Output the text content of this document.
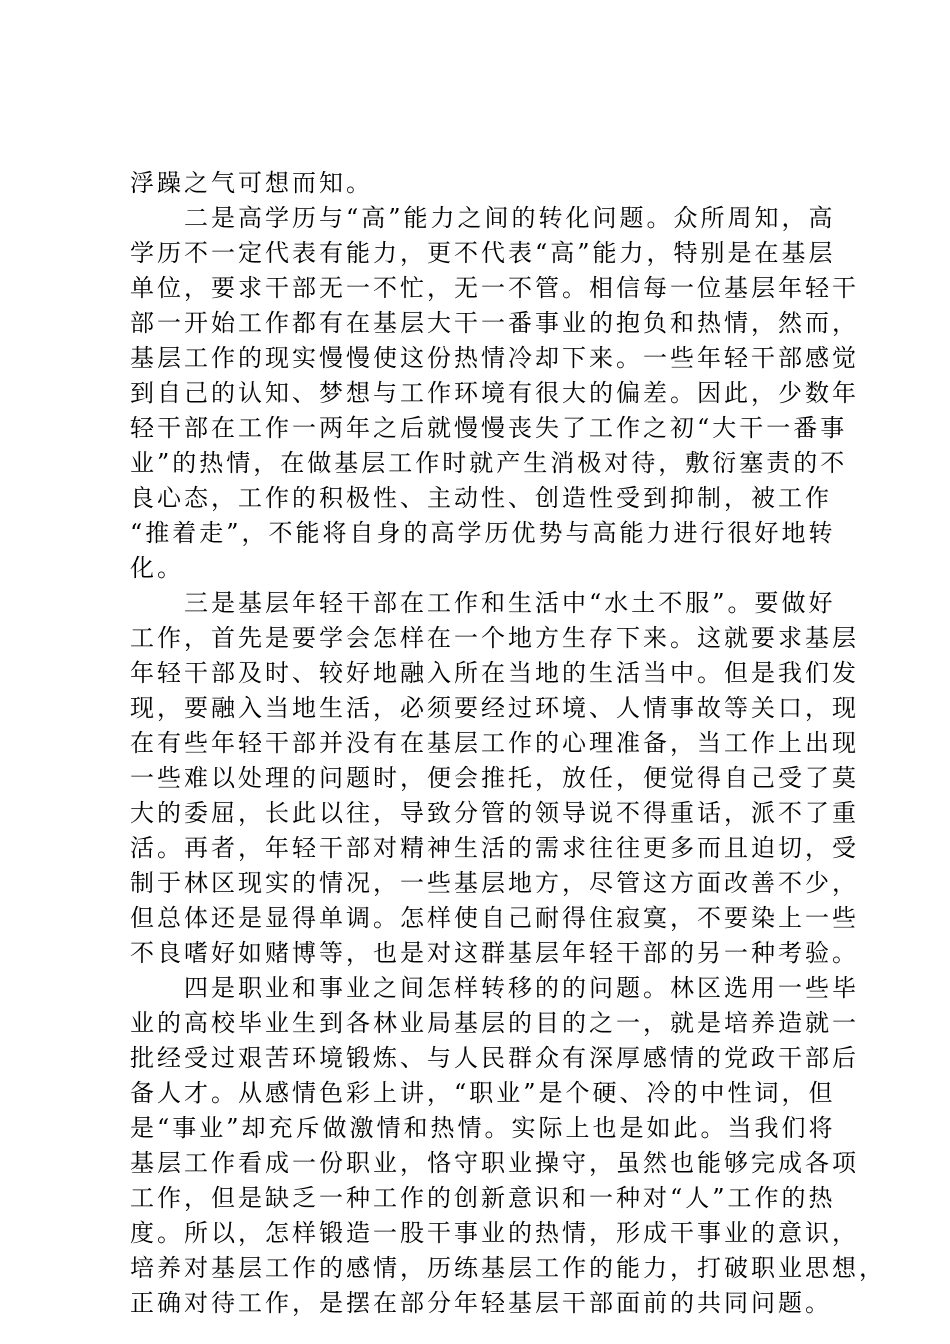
浮躁之气可想而知。
二是高学历与“高”能力之间的转化问题。众所周知，高
学历不一定代表有能力，更不代表“高”能力，特别是在基层
单位，要求干部无一不忙，无一不管。相信每一位基层年轻干
部一开始工作都有在基层大干一番事业的抱负和热情，然而，
基层工作的现实慢慢使这份热情冷却下来。一些年轻干部感觉
到自己的认知、梦想与工作环境有很大的偏差。因此，少数年
轻干部在工作一两年之后就慢慢丧失了工作之初“大干一番事
业”的热情，在做基层工作时就产生消极对待，敷衍塞责的不
良心态，工作的积极性、主动性、创造性受到抑制，被工作
“推着走”，不能将自身的高学历优势与高能力进行很好地转
化。
三是基层年轻干部在工作和生活中“水土不服”。要做好
工作，首先是要学会怎样在一个地方生存下来。这就要求基层
年轻干部及时、较好地融入所在当地的生活当中。但是我们发
现，要融入当地生活，必须要经过环境、人情事故等关口，现
在有些年轻干部并没有在基层工作的心理准备，当工作上出现
一些难以处理的问题时，便会推托，放任，便觉得自己受了莫
大的委屈，长此以往，导致分管的领导说不得重话，派不了重
活。再者，年轻干部对精神生活的需求往往更多而且迫切，受
制于林区现实的情况，一些基层地方，尽管这方面改善不少，
但总体还是显得单调。怎样使自己耐得住寂寞，不要染上一些
不良嗜好如赌博等，也是对这群基层年轻干部的另一种考验。
四是职业和事业之间怎样转移的的问题。林区选用一些毕
业的高校毕业生到各林业局基层的目的之一，就是培养造就一
批经受过艰苦环境锻炼、与人民群众有深厚感情的党政干部后
备人才。从感情色彩上讲，“职业”是个硬、冷的中性词，但
是“事业”却充斥做激情和热情。实际上也是如此。当我们将
基层工作看成一份职业，恪守职业操守，虽然也能够完成各项
工作，但是缺乏一种工作的创新意识和一种对“人”工作的热
度。所以，怎样锻造一股干事业的热情，形成干事业的意识，
培养对基层工作的感情，历练基层工作的能力，打破职业思想，
正确对待工作，是摆在部分年轻基层干部面前的共同问题。
